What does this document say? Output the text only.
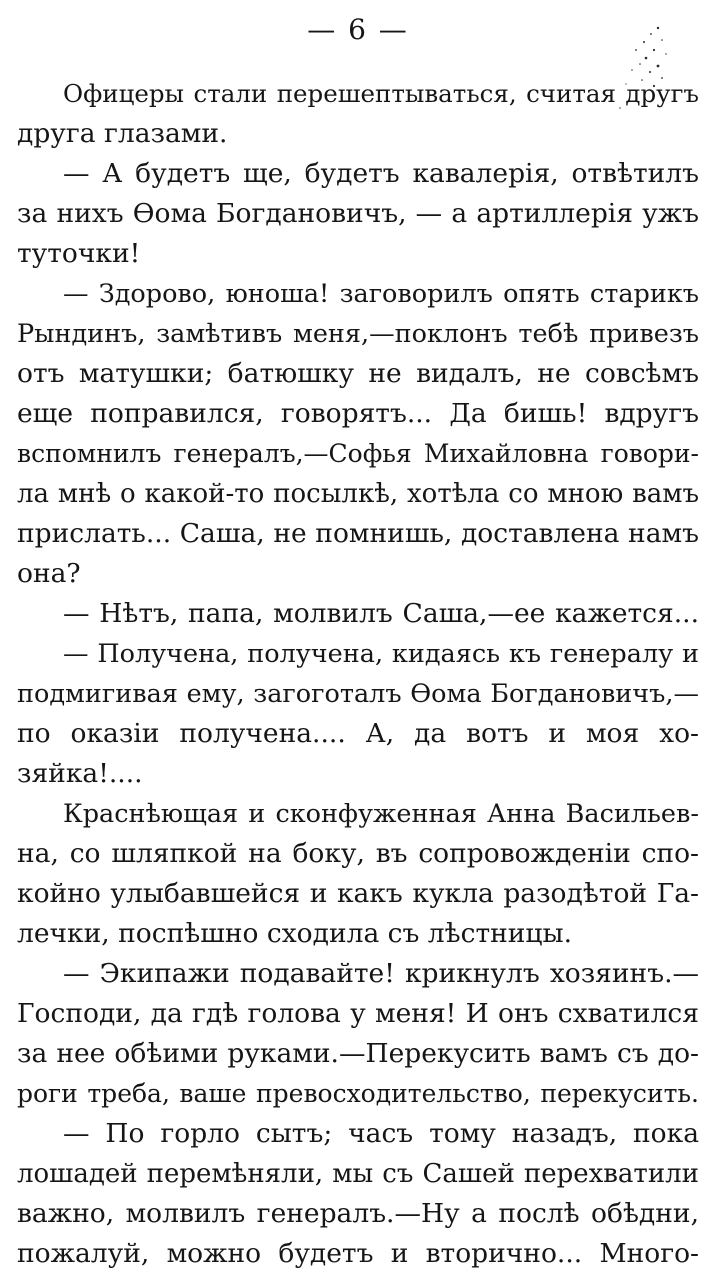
— 6 —
Офицеры стали перешептываться, считая другъ
друга глазами.
— А будетъ ще, будетъ кавалерія, отвѣтилъ
за нихъ Ѳома Богдановичъ, — а артиллерія ужъ
туточки!
— Здорово, юноша! заговорилъ опять старикъ
Рындинъ, замѣтивъ меня,—поклонъ тебѣ привезъ
отъ матушки; батюшку не видалъ, не совсѣмъ
еще поправился, говорятъ... Да бишь! вдругъ
вспомнилъ генералъ,—Софья Михайловна говори-
ла мнѣ о какой-то посылкѣ, хотѣла со мною вамъ
прислать... Саша, не помнишь, доставлена намъ
она?
— Нѣтъ, папа, молвилъ Саша,—ее кажется...
— Получена, получена, кидаясь къ генералу и
подмигивая ему, загоготалъ Ѳома Богдановичъ,—
по оказіи получена.... А, да вотъ и моя хо-
зяйка!....
Краснѣющая и сконфуженная Анна Васильев-
на, со шляпкой на боку, въ сопровожденіи спо-
койно улыбавшейся и какъ кукла разодѣтой Га-
лечки, поспѣшно сходила съ лѣстницы.
— Экипажи подавайте! крикнулъ хозяинъ.—
Господи, да гдѣ голова у меня! И онъ схватился
за нее обѣими руками.—Перекусить вамъ съ до-
роги треба, ваше превосходительство, перекусить.
— По горло сытъ; часъ тому назадъ, пока
лошадей перемѣняли, мы съ Сашей перехватили
важно, молвилъ генералъ.—Ну а послѣ обѣдни,
пожалуй, можно будетъ и вторично... Много-
